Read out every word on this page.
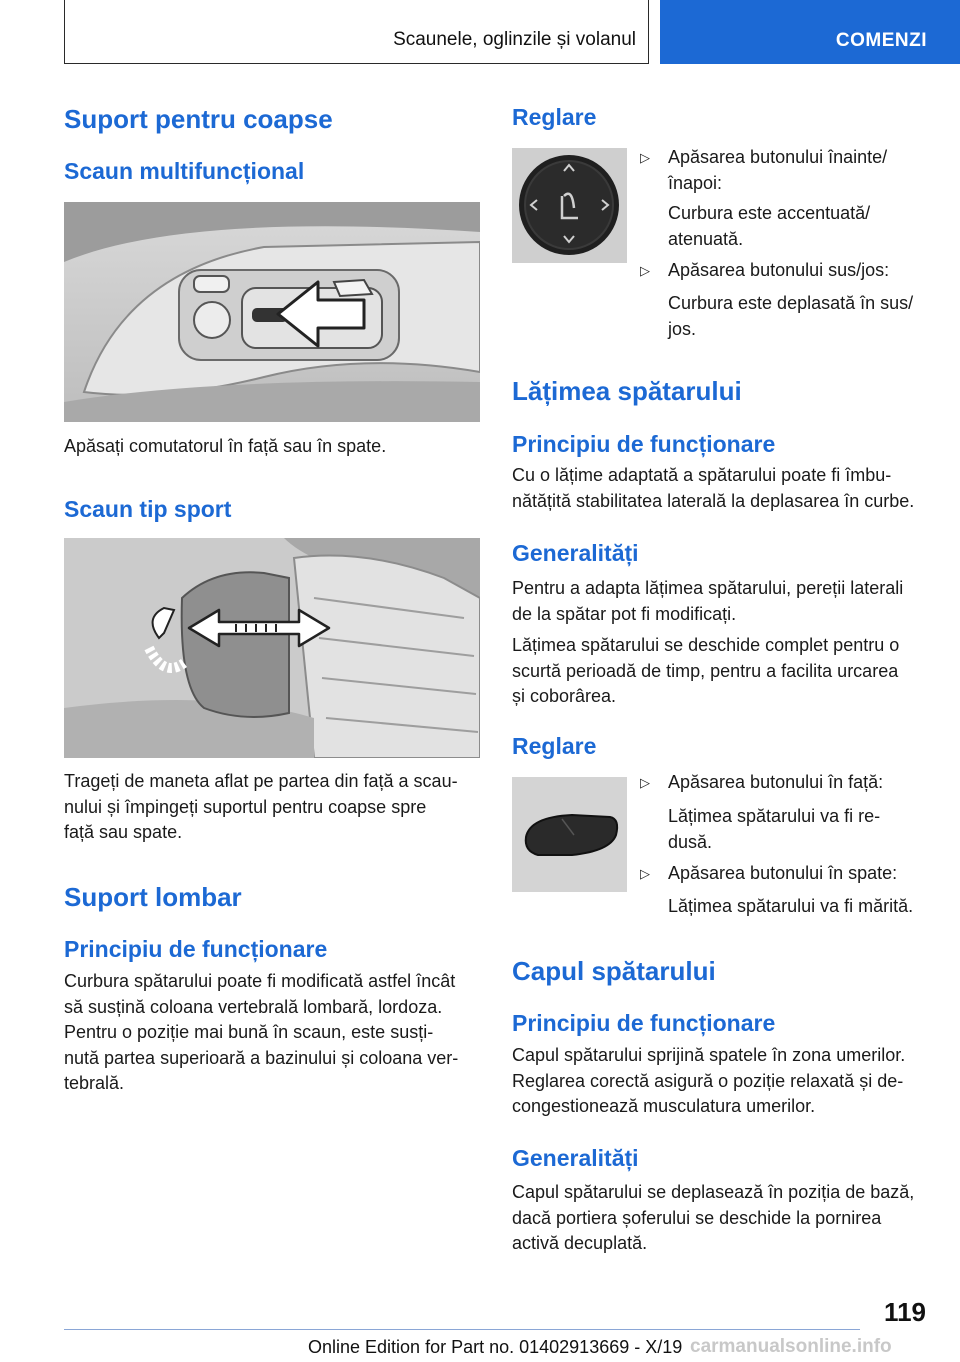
Scaunele, oglinzile și volanul	COMENZI
Suport pentru coapse
Scaun multifuncțional
Apăsați comutatorul în față sau în spate.
Scaun tip sport
Trageți de maneta aflat pe partea din față a scau‐
nului și împingeți suportul pentru coapse spre
față sau spate.
Suport lombar
Principiu de funcționare
Curbura spătarului poate fi modificată astfel încât
să susțină coloana vertebrală lombară, lordoza.
Pentru o poziție mai bună în scaun, este susți‐
nută partea superioară a bazinului și coloana ver‐
tebrală.
Reglare
▷ Apăsarea butonului înainte/
înapoi:
Curbura este accentuată/
atenuată.
▷ Apăsarea butonului sus/jos:
Curbura este deplasată în sus/
jos.
Lățimea spătarului
Principiu de funcționare
Cu o lățime adaptată a spătarului poate fi îmbu‐
nătățită stabilitatea laterală la deplasarea în curbe.
Generalități
Pentru a adapta lățimea spătarului, pereții laterali
de la spătar pot fi modificați.
Lățimea spătarului se deschide complet pentru o
scurtă perioadă de timp, pentru a facilita urcarea
și coborârea.
Reglare
▷ Apăsarea butonului în față:
Lățimea spătarului va fi re‐
dusă.
▷ Apăsarea butonului în spate:
Lățimea spătarului va fi mărită.
Capul spătarului
Principiu de funcționare
Capul spătarului sprijină spatele în zona umerilor.
Reglarea corectă asigură o poziție relaxată și de‐
congestionează musculatura umerilor.
Generalități
Capul spătarului se deplasează în poziția de bază,
dacă portiera șoferului se deschide la pornirea
activă decuplată.
119
Online Edition for Part no. 01402913669 - X/19 carmanualsonline.info
